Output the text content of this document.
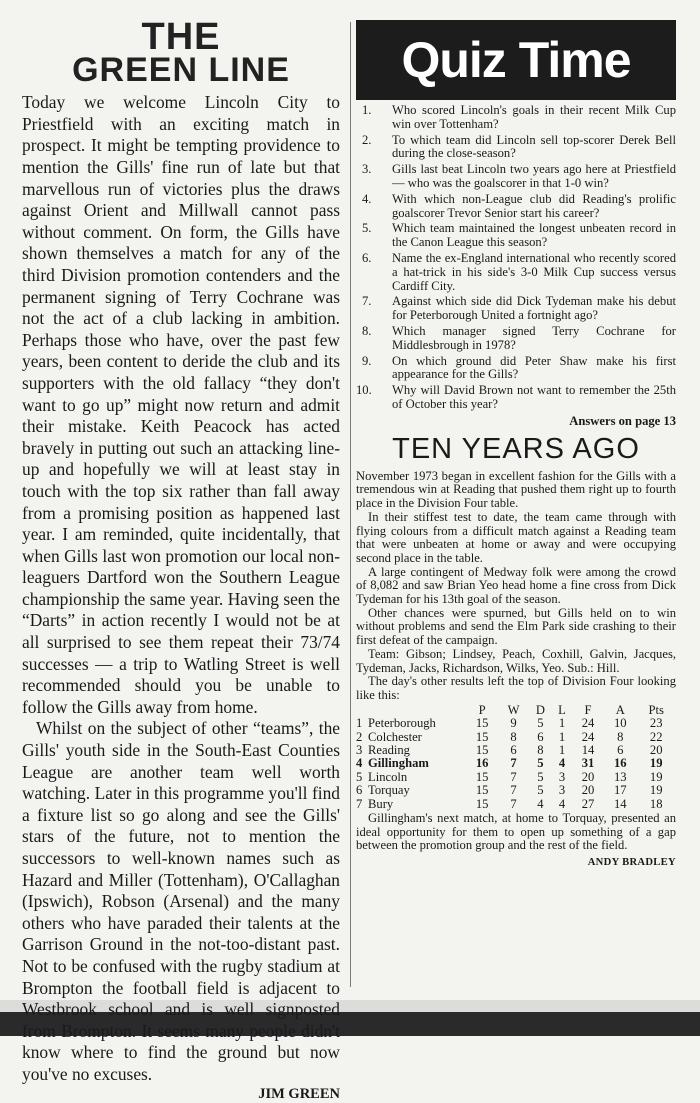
THE
GREEN LINE

Today we welcome Lincoln City to Priestfield with an exciting match in prospect. It might be tempting providence to mention the Gills' fine run of late but that marvellous run of victories plus the draws against Orient and Millwall cannot pass without comment. On form, the Gills have shown themselves a match for any of the third Division promotion contenders and the permanent signing of Terry Cochrane was not the act of a club lacking in ambition. Perhaps those who have, over the past few years, been content to deride the club and its supporters with the old fallacy “they don't want to go up” might now return and admit their mistake. Keith Peacock has acted bravely in putting out such an attacking line-up and hopefully we will at least stay in touch with the top six rather than fall away from a promising position as happened last year. I am reminded, quite incidentally, that when Gills last won promotion our local non-leaguers Dartford won the Southern League championship the same year. Having seen the “Darts” in action recently I would not be at all surprised to see them repeat their 73/74 successes — a trip to Watling Street is well recommended should you be unable to follow the Gills away from home.

Whilst on the subject of other “teams”, the Gills' youth side in the South-East Counties League are another team well worth watching. Later in this programme you'll find a fixture list so go along and see the Gills' stars of the future, not to mention the successors to well-known names such as Hazard and Miller (Tottenham), O'Callaghan (Ipswich), Robson (Arsenal) and the many others who have paraded their talents at the Garrison Ground in the not-too-distant past. Not to be confused with the rugby stadium at Brompton the football field is adjacent to Westbrook school and is well signposted from Brompton. It seems many people didn't know where to find the ground but now you've no excuses.

JIM GREEN
Quiz Time
1. Who scored Lincoln's goals in their recent Milk Cup win over Tottenham?
2. To which team did Lincoln sell top-scorer Derek Bell during the close-season?
3. Gills last beat Lincoln two years ago here at Priestfield — who was the goalscorer in that 1-0 win?
4. With which non-League club did Reading's prolific goalscorer Trevor Senior start his career?
5. Which team maintained the longest unbeaten record in the Canon League this season?
6. Name the ex-England international who recently scored a hat-trick in his side's 3-0 Milk Cup success versus Cardiff City.
7. Against which side did Dick Tydeman make his debut for Peterborough United a fortnight ago?
8. Which manager signed Terry Cochrane for Middlesbrough in 1978?
9. On which ground did Peter Shaw make his first appearance for the Gills?
10. Why will David Brown not want to remember the 25th of October this year?
Answers on page 13
TEN YEARS AGO

November 1973 began in excellent fashion for the Gills with a tremendous win at Reading that pushed them right up to fourth place in the Division Four table.

In their stiffest test to date, the team came through with flying colours from a difficult match against a Reading team that were unbeaten at home or away and were occupying second place in the table.

A large contingent of Medway folk were among the crowd of 8,082 and saw Brian Yeo head home a fine cross from Dick Tydeman for his 13th goal of the season.

Other chances were spurned, but Gills held on to win without problems and send the Elm Park side crashing to their first defeat of the campaign.

Team: Gibson; Lindsey, Peach, Coxhill, Galvin, Jacques, Tydeman, Jacks, Richardson, Wilks, Yeo. Sub.: Hill.

The day's other results left the top of Division Four looking like this:

		P	W	D	L	F	A	Pts
1	Peterborough	15	9	5	1	24	10	23
2	Colchester	15	8	6	1	24	8	22
3	Reading	15	6	8	1	14	6	20
4	Gillingham	16	7	5	4	31	16	19
5	Lincoln	15	7	5	3	20	13	19
6	Torquay	15	7	5	3	20	17	19
7	Bury	15	7	4	4	27	14	18

Gillingham's next match, at home to Torquay, presented an ideal opportunity for them to open up something of a gap between the promotion group and the rest of the field.

ANDY BRADLEY
